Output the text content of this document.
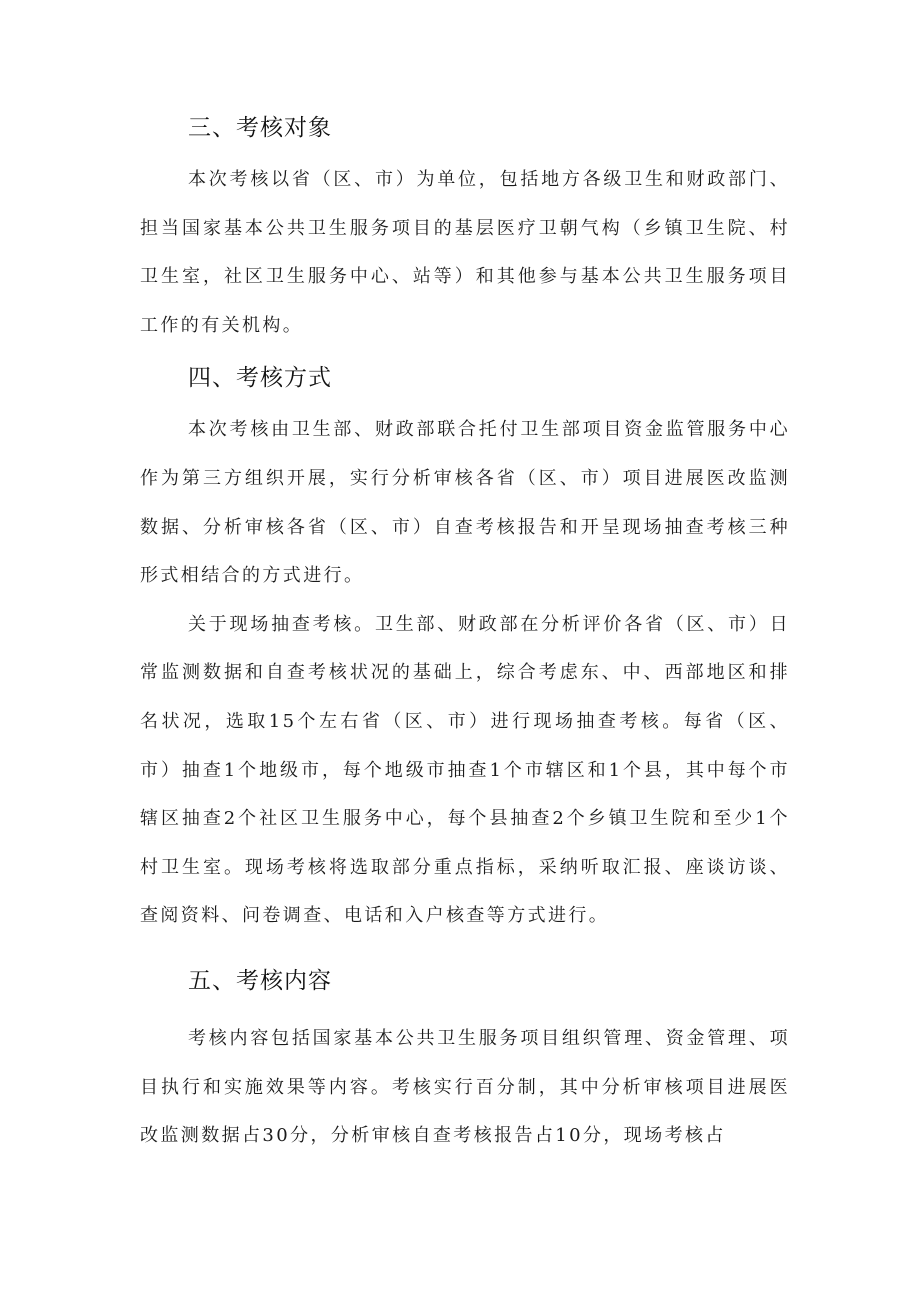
三、考核对象

本次考核以省（区、市）为单位，包括地方各级卫生和财政部门、担当国家基本公共卫生服务项目的基层医疗卫朝气构（乡镇卫生院、村卫生室，社区卫生服务中心、站等）和其他参与基本公共卫生服务项目工作的有关机构。

四、考核方式

本次考核由卫生部、财政部联合托付卫生部项目资金监管服务中心作为第三方组织开展，实行分析审核各省（区、市）项目进展医改监测数据、分析审核各省（区、市）自查考核报告和开呈现场抽查考核三种形式相结合的方式进行。

关于现场抽查考核。卫生部、财政部在分析评价各省（区、市）日常监测数据和自查考核状况的基础上，综合考虑东、中、西部地区和排名状况，选取15个左右省（区、市）进行现场抽查考核。每省（区、市）抽查1个地级市，每个地级市抽查1个市辖区和1个县，其中每个市辖区抽查2个社区卫生服务中心，每个县抽查2个乡镇卫生院和至少1个村卫生室。现场考核将选取部分重点指标，采纳听取汇报、座谈访谈、查阅资料、问卷调查、电话和入户核查等方式进行。

五、考核内容

考核内容包括国家基本公共卫生服务项目组织管理、资金管理、项目执行和实施效果等内容。考核实行百分制，其中分析审核项目进展医改监测数据占30分，分析审核自查考核报告占10分，现场考核占
